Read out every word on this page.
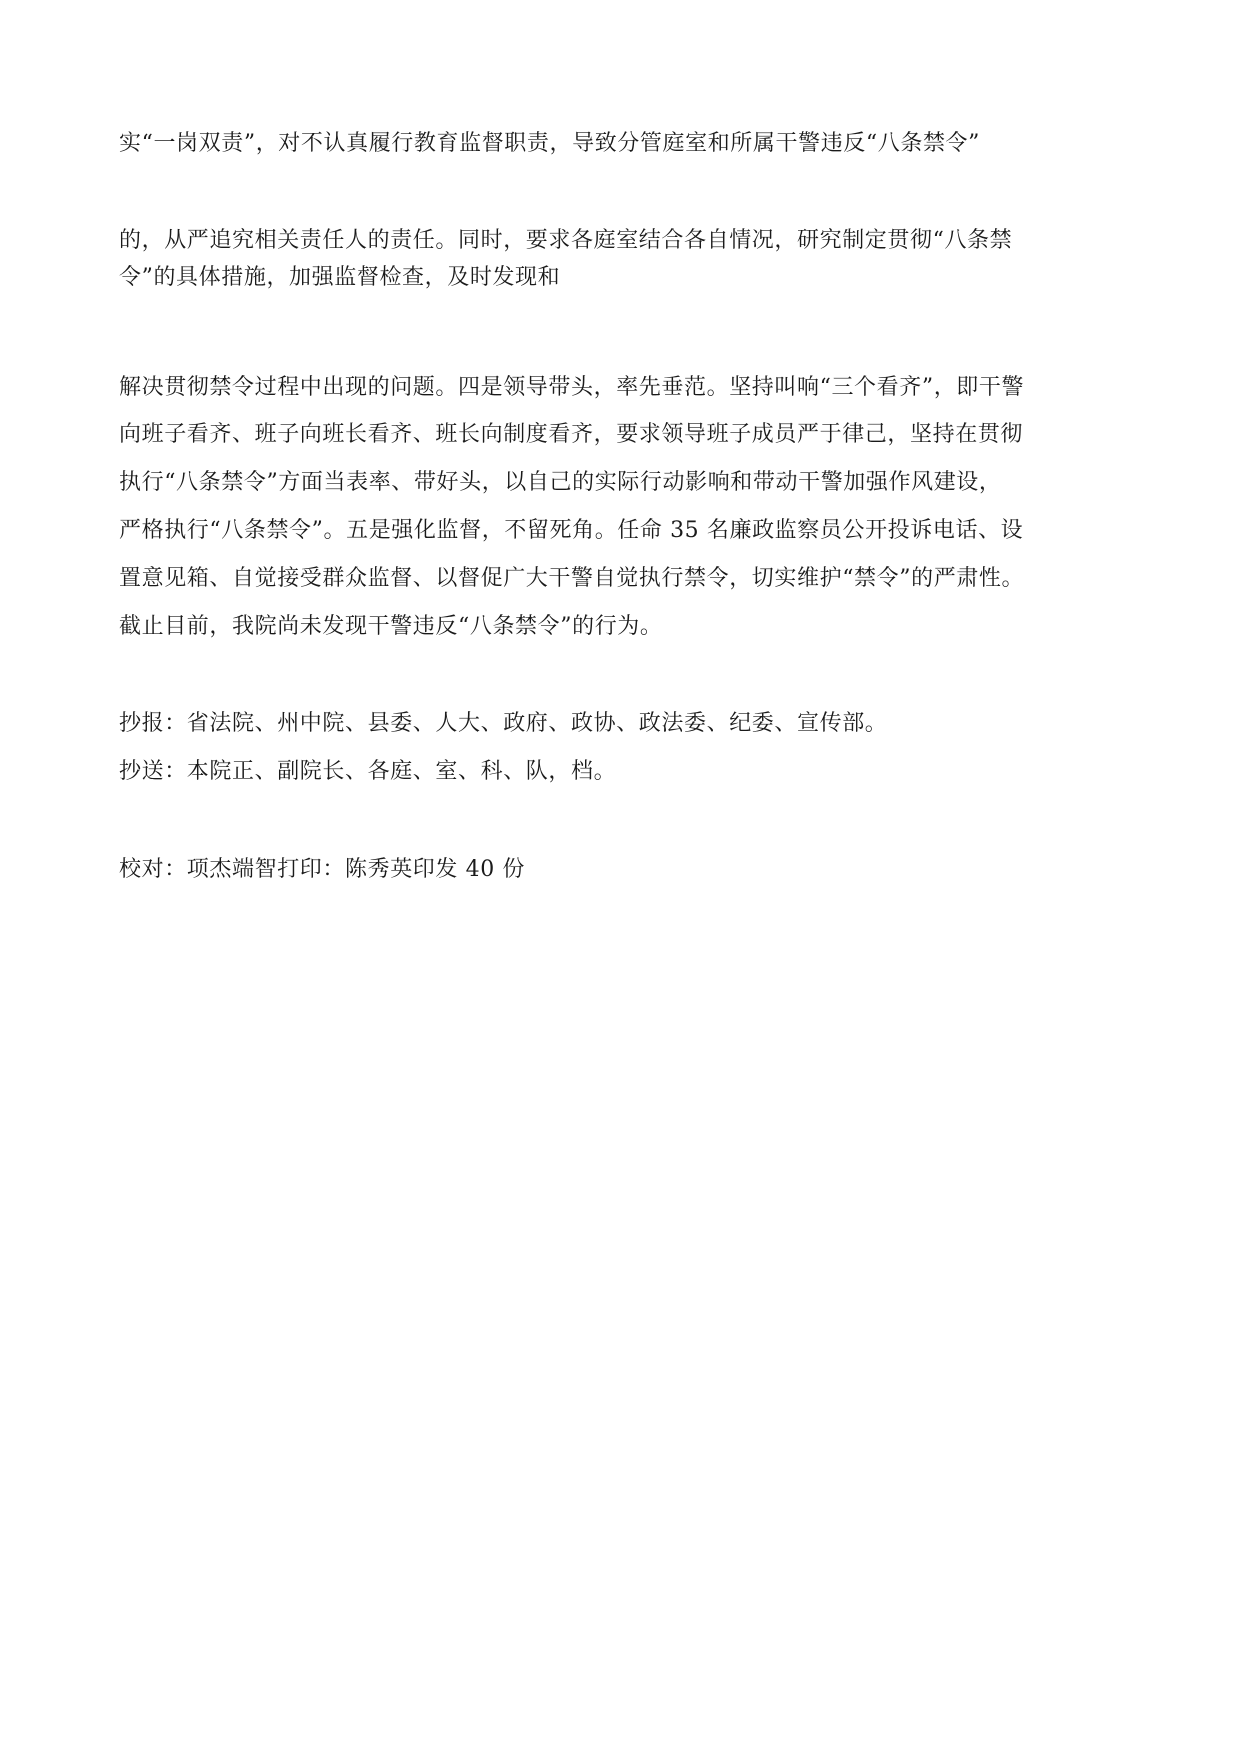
实“一岗双责”，对不认真履行教育监督职责，导致分管庭室和所属干警违反“八条禁令”
的，从严追究相关责任人的责任。同时，要求各庭室结合各自情况，研究制定贯彻“八条禁
令”的具体措施，加强监督检查，及时发现和
解决贯彻禁令过程中出现的问题。四是领导带头，率先垂范。坚持叫响“三个看齐”，即干警
向班子看齐、班子向班长看齐、班长向制度看齐，要求领导班子成员严于律己，坚持在贯彻
执行“八条禁令”方面当表率、带好头，以自己的实际行动影响和带动干警加强作风建设，
严格执行“八条禁令”。五是强化监督，不留死角。任命 35 名廉政监察员公开投诉电话、设
置意见箱、自觉接受群众监督、以督促广大干警自觉执行禁令，切实维护“禁令”的严肃性。
截止目前，我院尚未发现干警违反“八条禁令”的行为。
抄报：省法院、州中院、县委、人大、政府、政协、政法委、纪委、宣传部。
抄送：本院正、副院长、各庭、室、科、队，档。
校对：项杰端智打印：陈秀英印发 40 份
